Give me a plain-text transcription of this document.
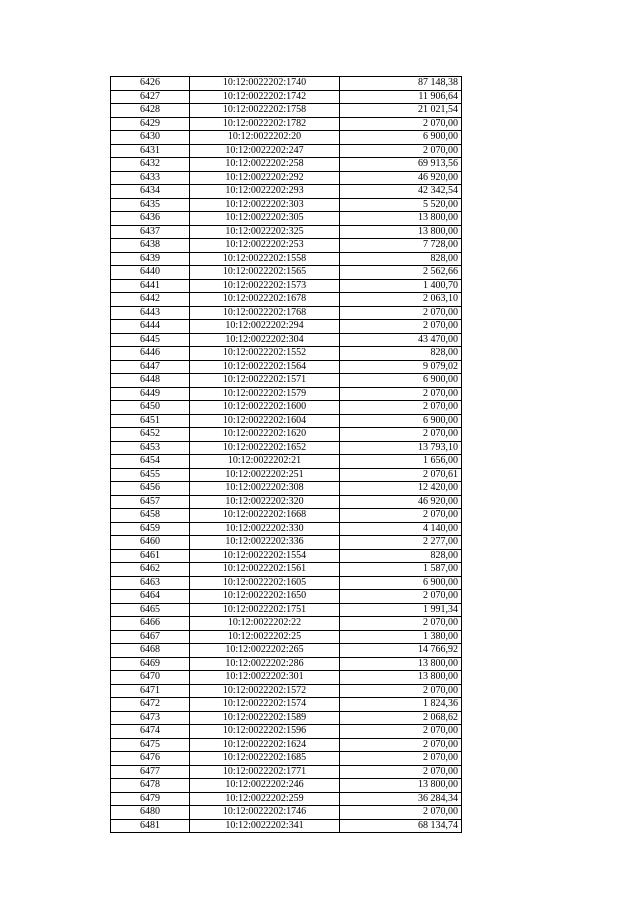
6426	10:12:0022202:1740	87 148,38
6427	10:12:0022202:1742	11 906,64
6428	10:12:0022202:1758	21 021,54
6429	10:12:0022202:1782	2 070,00
6430	10:12:0022202:20	6 900,00
6431	10:12:0022202:247	2 070,00
6432	10:12:0022202:258	69 913,56
6433	10:12:0022202:292	46 920,00
6434	10:12:0022202:293	42 342,54
6435	10:12:0022202:303	5 520,00
6436	10:12:0022202:305	13 800,00
6437	10:12:0022202:325	13 800,00
6438	10:12:0022202:253	7 728,00
6439	10:12:0022202:1558	828,00
6440	10:12:0022202:1565	2 562,66
6441	10:12:0022202:1573	1 400,70
6442	10:12:0022202:1678	2 063,10
6443	10:12:0022202:1768	2 070,00
6444	10:12:0022202:294	2 070,00
6445	10:12:0022202:304	43 470,00
6446	10:12:0022202:1552	828,00
6447	10:12:0022202:1564	9 079,02
6448	10:12:0022202:1571	6 900,00
6449	10:12:0022202:1579	2 070,00
6450	10:12:0022202:1600	2 070,00
6451	10:12:0022202:1604	6 900,00
6452	10:12:0022202:1620	2 070,00
6453	10:12:0022202:1652	13 793,10
6454	10:12:0022202:21	1 656,00
6455	10:12:0022202:251	2 070,61
6456	10:12:0022202:308	12 420,00
6457	10:12:0022202:320	46 920,00
6458	10:12:0022202:1668	2 070,00
6459	10:12:0022202:330	4 140,00
6460	10:12:0022202:336	2 277,00
6461	10:12:0022202:1554	828,00
6462	10:12:0022202:1561	1 587,00
6463	10:12:0022202:1605	6 900,00
6464	10:12:0022202:1650	2 070,00
6465	10:12:0022202:1751	1 991,34
6466	10:12:0022202:22	2 070,00
6467	10:12:0022202:25	1 380,00
6468	10:12:0022202:265	14 766,92
6469	10:12:0022202:286	13 800,00
6470	10:12:0022202:301	13 800,00
6471	10:12:0022202:1572	2 070,00
6472	10:12:0022202:1574	1 824,36
6473	10:12:0022202:1589	2 068,62
6474	10:12:0022202:1596	2 070,00
6475	10:12:0022202:1624	2 070,00
6476	10:12:0022202:1685	2 070,00
6477	10:12:0022202:1771	2 070,00
6478	10:12:0022202:246	13 800,00
6479	10:12:0022202:259	36 284,34
6480	10:12:0022202:1746	2 070,00
6481	10:12:0022202:341	68 134,74
